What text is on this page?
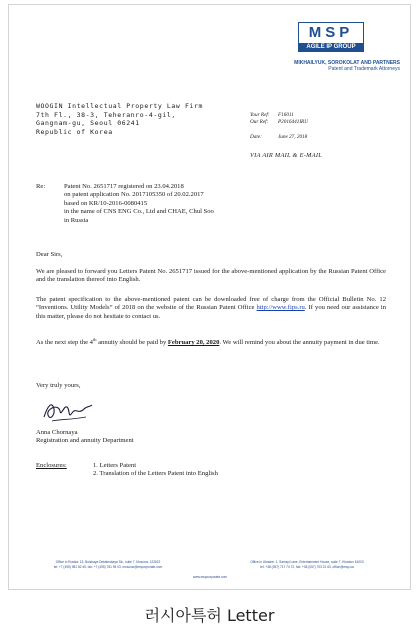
MSP
AGILE IP GROUP
MIKHAILYUK, SOROKOLAT AND PARTNERS
Patent and Trademark Attorneys
WOOGIN Intellectual Property Law Firm
7th Fl., 38-3, Teheranro-4-gil,
Gangnam-gu, Seoul 06241
Republic of Korea
Your Ref: F16011
Our Ref: P2016441IRU
Date:	June 27, 2018
VIA AIR MAIL & E-MAIL
Re:	Patent No. 2651717 registered on 23.04.2018
on patent application No. 2017105350 of 20.02.2017
based on KR/10-2016-0080415
in the name of CNS ENG Co., Ltd and CHAE, Chul Soo
in Russia
Dear Sirs,
We are pleased to forward you Letters Patent No. 2651717 issued for the above-mentioned application by the Russian Patent Office and the translation thereof into English.
The patent specification to the above-mentioned patent can be downloaded free of charge from the Official Bulletin No. 12 “Inventions. Utility Models” of 2018 on the website of the Russian Patent Office http://www.fips.ru. If you need our assistance in this matter, please do not hesitate to contact us.
As the next step the 4th annuity should be paid by February 20, 2020. We will remind you about the annuity payment in due time.
Very truly yours,
Anna Chornaya
Registration and annuity Department
Enclosures:	1. Letters Patent
2. Translation of the Letters Patent into English
Office in Russia: 13, Bolshaya Dekabrskaya Str., suite 7, Moscow, 123022
tel: +7 (495) 981 82 45, fax: +7 (495) 781 95 03, moscow@msporporate.com
Office in Ukraine: 1, Samsyl Lane, Entertainment House, suite 7, Kharkov 61003
tel: +38 (057) 717 74 72, fax: +38 (057) 703 21 63, office@msp.ua
www.mspcorporate.com
러시아특허 Letter
